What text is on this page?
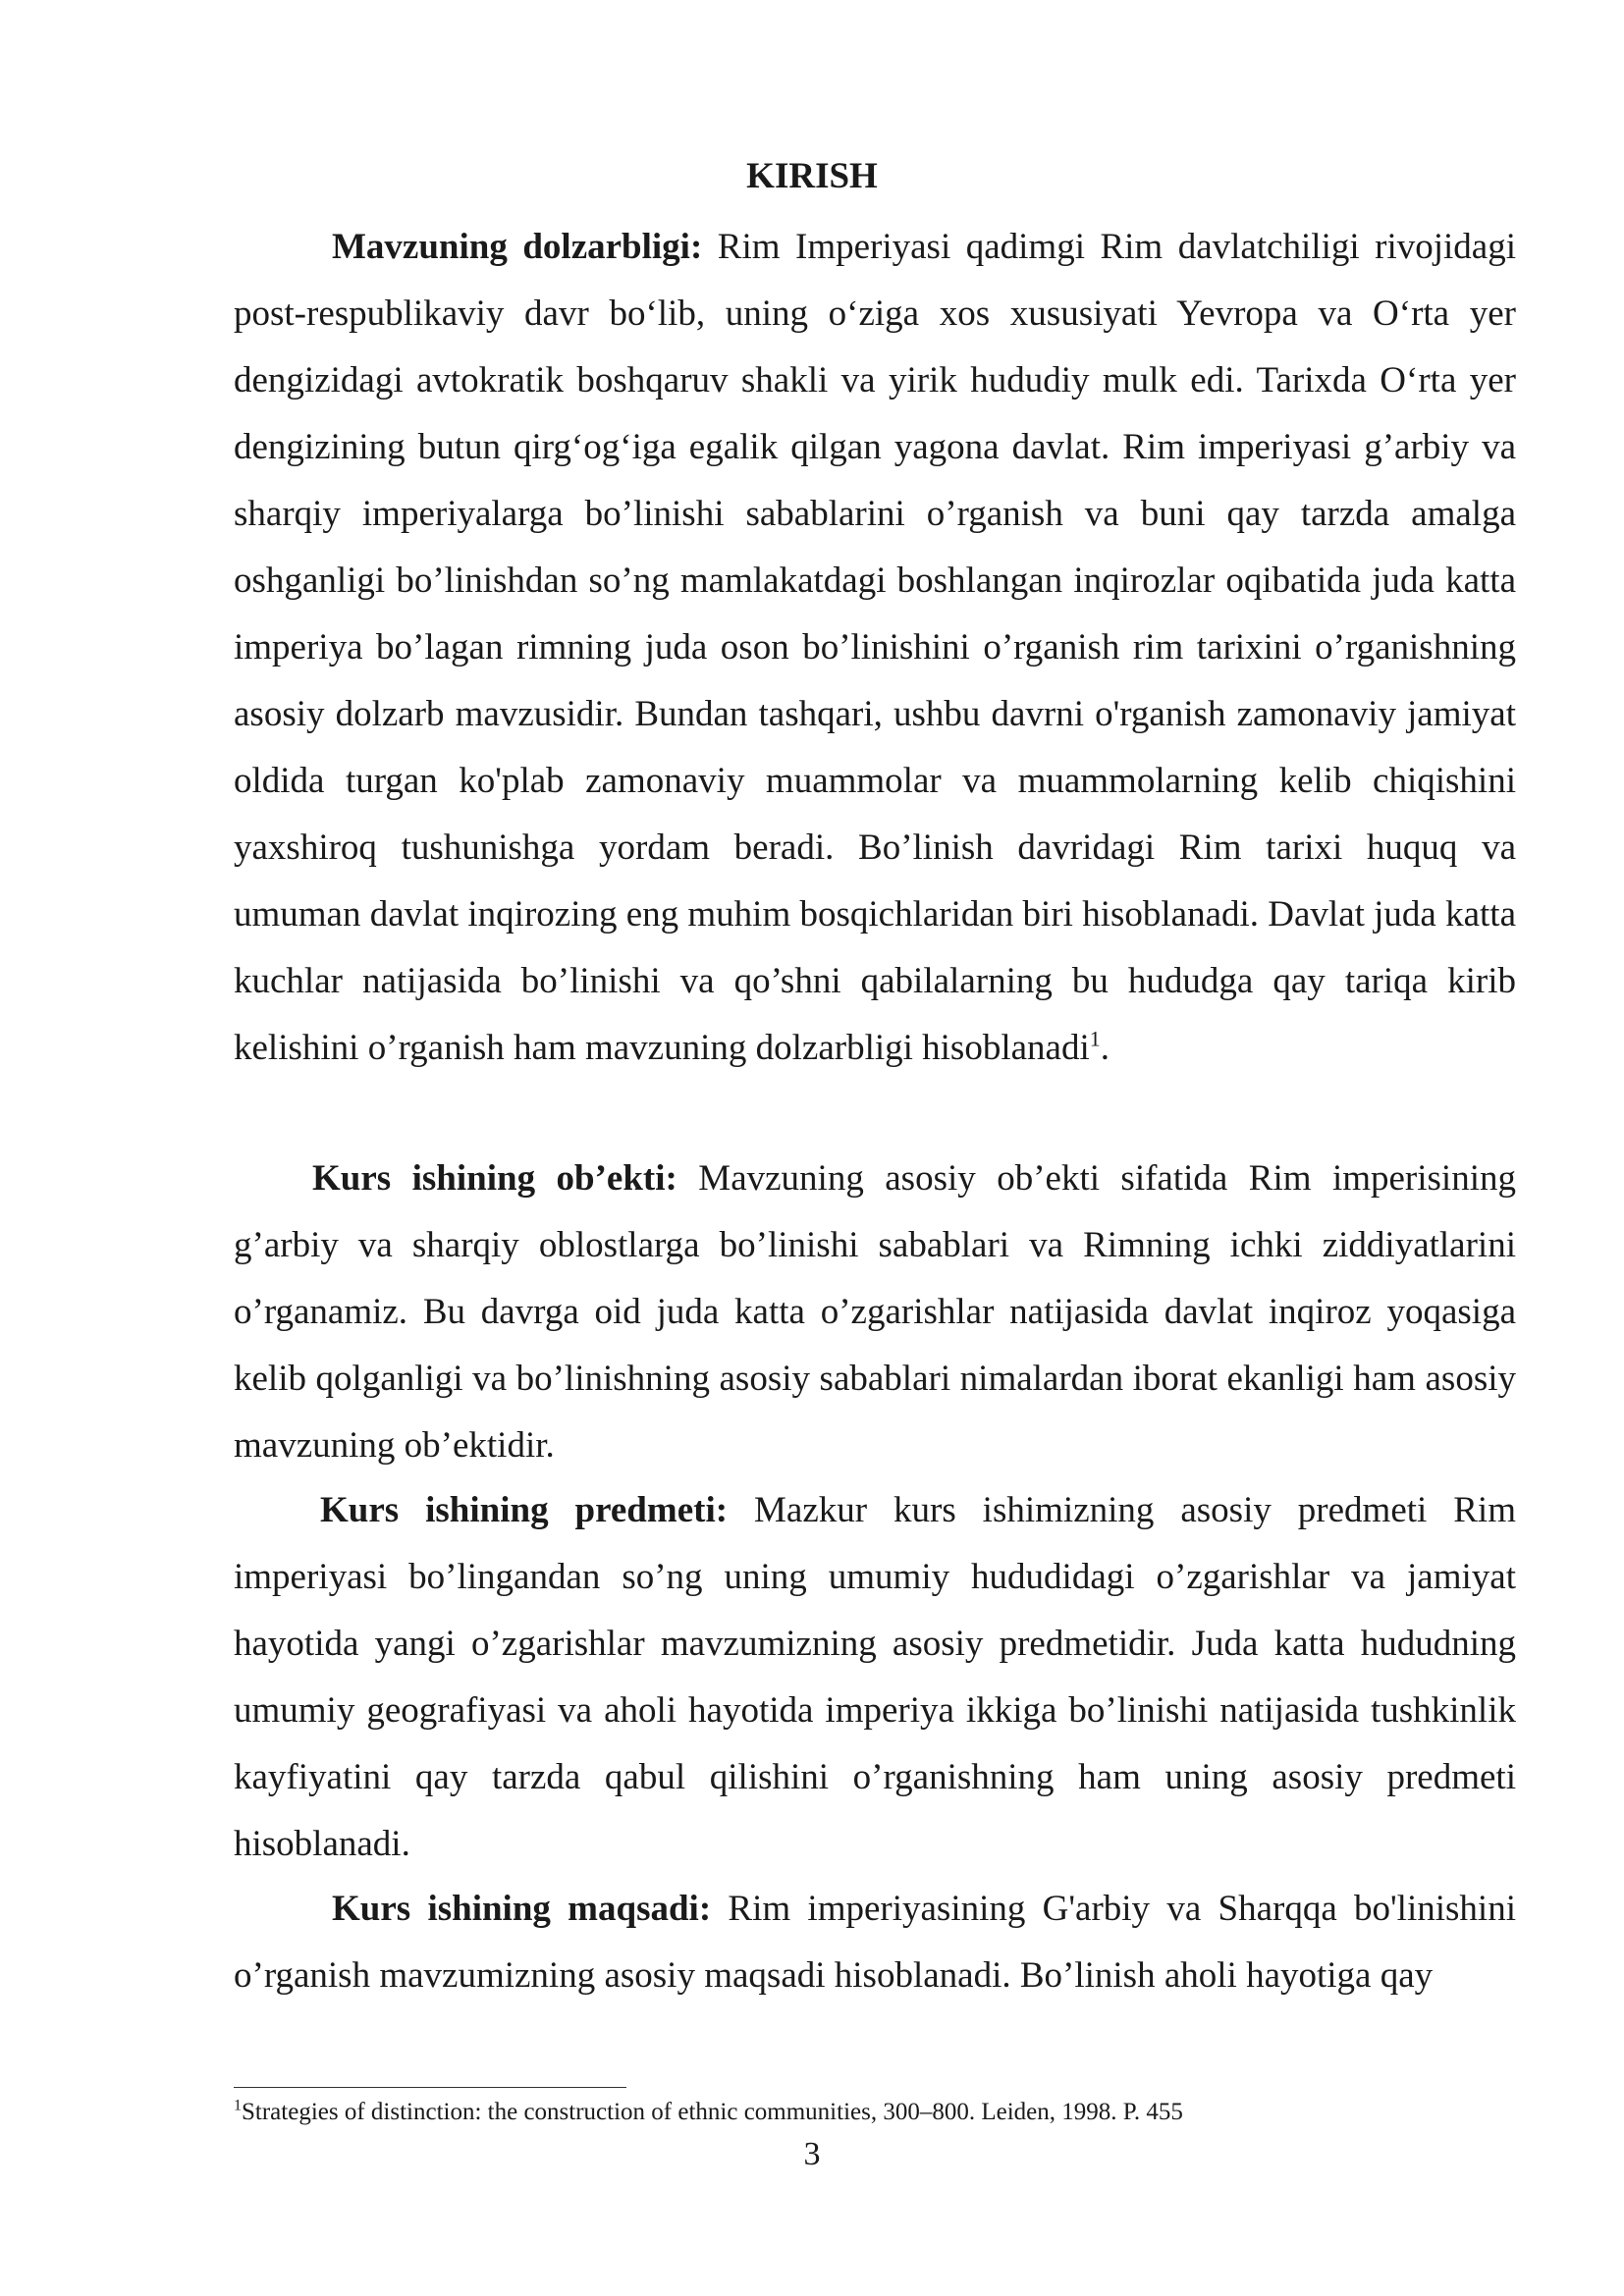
KIRISH

Mavzuning dolzarbligi: Rim Imperiyasi qadimgi Rim davlatchiligi rivojidagi post-respublikaviy davr bo‘lib, uning o‘ziga xos xususiyati Yevropa va O‘rta yer dengizidagi avtokratik boshqaruv shakli va yirik hududiy mulk edi. Tarixda O‘rta yer dengizining butun qirg‘og‘iga egalik qilgan yagona davlat. Rim imperiyasi g’arbiy va sharqiy imperiyalarga bo’linishi sabablarini o’rganish va buni qay tarzda amalga oshganligi bo’linishdan so’ng mamlakatdagi boshlangan inqirozlar oqibatida juda katta imperiya bo’lagan rimning juda oson bo’linishini o’rganish rim tarixini o’rganishning asosiy dolzarb mavzusidir. Bundan tashqari, ushbu davrni o'rganish zamonaviy jamiyat oldida turgan ko'plab zamonaviy muammolar va muammolarning kelib chiqishini yaxshiroq tushunishga yordam beradi. Bo’linish davridagi Rim tarixi huquq va umuman davlat inqirozing eng muhim bosqichlaridan biri hisoblanadi. Davlat juda katta kuchlar natijasida bo’linishi va qo’shni qabilalarning bu hududga qay tariqa kirib kelishini o’rganish ham mavzuning dolzarbligi hisoblanadi$^1$.

Kurs ishining ob’ekti: Mavzuning asosiy ob’ekti sifatida Rim imperisining g’arbiy va sharqiy oblostlarga bo’linishi sabablari va Rimning ichki ziddiyatlarini o’rganamiz. Bu davrga oid juda katta o’zgarishlar natijasida davlat inqiroz yoqasiga kelib qolganligi va bo’linishning asosiy sabablari nimalardan iborat ekanligi ham asosiy mavzuning ob’ektidir.

Kurs ishining predmeti: Mazkur kurs ishimizning asosiy predmeti Rim imperiyasi bo’lingandan so’ng uning umumiy hududidagi o’zgarishlar va jamiyat hayotida yangi o’zgarishlar mavzumizning asosiy predmetidir. Juda katta hududning umumiy geografiyasi va aholi hayotida imperiya ikkiga bo’linishi natijasida tushkinlik kayfiyatini qay tarzda qabul qilishini o’rganishning ham uning asosiy predmeti hisoblanadi.

Kurs ishining maqsadi: Rim imperiyasining G'arbiy va Sharqqa bo'linishini o’rganish mavzumizning asosiy maqsadi hisoblanadi. Bo’linish aholi hayotiga qay

$^1$Strategies of distinction: the construction of ethnic communities, 300–800. Leiden, 1998. P. 455

3
